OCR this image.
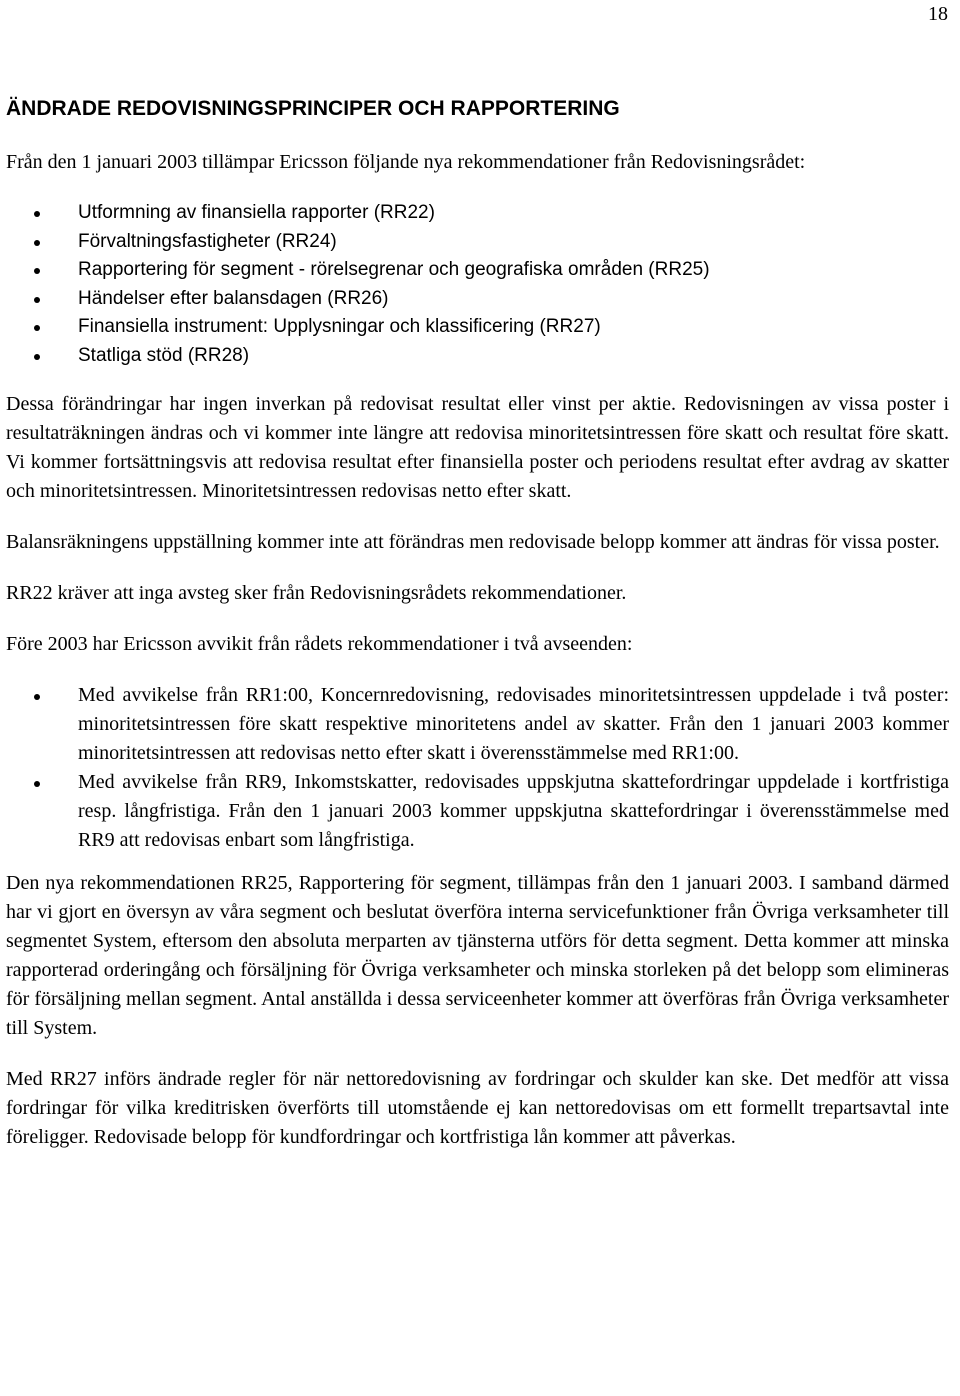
18
ÄNDRADE REDOVISNINGSPRINCIPER OCH RAPPORTERING

Från den 1 januari 2003 tillämpar Ericsson följande nya rekommendationer från Redovisningsrådet:

Utformning av finansiella rapporter (RR22)
Förvaltningsfastigheter (RR24)
Rapportering för segment - rörelsegrenar och geografiska områden (RR25)
Händelser efter balansdagen (RR26)
Finansiella instrument: Upplysningar och klassificering (RR27)
Statliga stöd (RR28)

Dessa förändringar har ingen inverkan på redovisat resultat eller vinst per aktie. Redovisningen av vissa poster i resultaträkningen ändras och vi kommer inte längre att redovisa minoritetsintressen före skatt och resultat före skatt. Vi kommer fortsättningsvis att redovisa resultat efter finansiella poster och periodens resultat efter avdrag av skatter och minoritetsintressen. Minoritetsintressen redovisas netto efter skatt.

Balansräkningens uppställning kommer inte att förändras men redovisade belopp kommer att ändras för vissa poster.

RR22 kräver att inga avsteg sker från Redovisningsrådets rekommendationer.

Före 2003 har Ericsson avvikit från rådets rekommendationer i två avseenden:

Med avvikelse från RR1:00, Koncernredovisning, redovisades minoritetsintressen uppdelade i två poster: minoritetsintressen före skatt respektive minoritetens andel av skatter. Från den 1 januari 2003 kommer minoritetsintressen att redovisas netto efter skatt i överensstämmelse med RR1:00.
Med avvikelse från RR9, Inkomstskatter, redovisades uppskjutna skattefordringar uppdelade i kortfristiga resp. långfristiga. Från den 1 januari 2003 kommer uppskjutna skattefordringar i överensstämmelse med RR9 att redovisas enbart som långfristiga.

Den nya rekommendationen RR25, Rapportering för segment, tillämpas från den 1 januari 2003. I samband därmed har vi gjort en översyn av våra segment och beslutat överföra interna servicefunktioner från Övriga verksamheter till segmentet System, eftersom den absoluta merparten av tjänsterna utförs för detta segment. Detta kommer att minska rapporterad orderingång och försäljning för Övriga verksamheter och minska storleken på det belopp som elimineras för försäljning mellan segment. Antal anställda i dessa serviceenheter kommer att överföras från Övriga verksamheter till System.

Med RR27 införs ändrade regler för när nettoredovisning av fordringar och skulder kan ske. Det medför att vissa fordringar för vilka kreditrisken överförts till utomstående ej kan nettoredovisas om ett formellt trepartsavtal inte föreligger. Redovisade belopp för kundfordringar och kortfristiga lån kommer att påverkas.
